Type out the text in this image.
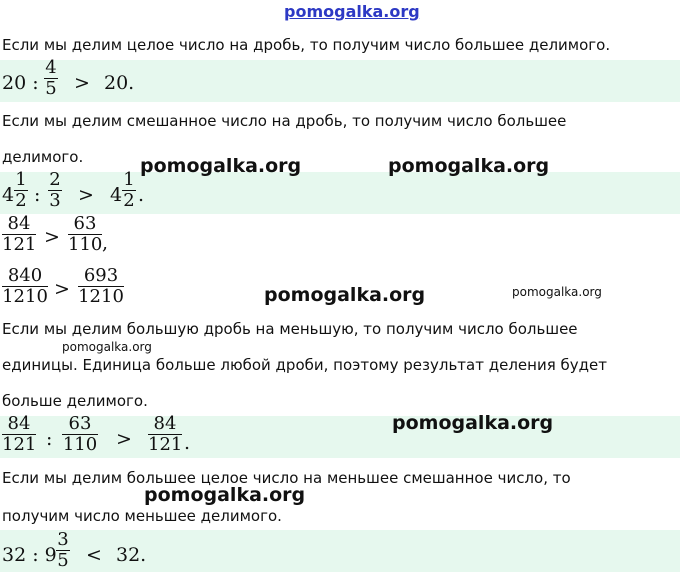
pomogalka.org
Если мы делим целое число на дробь, то получим число большее делимого.
20 : $\frac{4}{5} > 20$.
Если мы делим смешанное число на дробь, то получим число большее
делимого.
$4 \frac{1}{2}$ : $\frac{2}{3} > 4 \frac{1}{2}$ .
$\frac{84}{121} > \frac{63}{110}$ ,
$\frac{840}{1210} > \frac{693}{1210}$
Если мы делим большую дробь на меньшую, то получим число большее
единицы. Единица больше любой дроби, поэтому результат деления будет
больше делимого.
$\frac{84}{121}$ : $\frac{63}{110} > \frac{84}{121}$ .
Если мы делим большее целое число на меньшее смешанное число, то
получим число меньшее делимого.
32 : $9 \frac{3}{5} < 32$.
pomogalka.org	pomogalka.org
pomogalka.org	pomogalka.org
pomogalka.org
pomogalka.org
pomogalka.org
